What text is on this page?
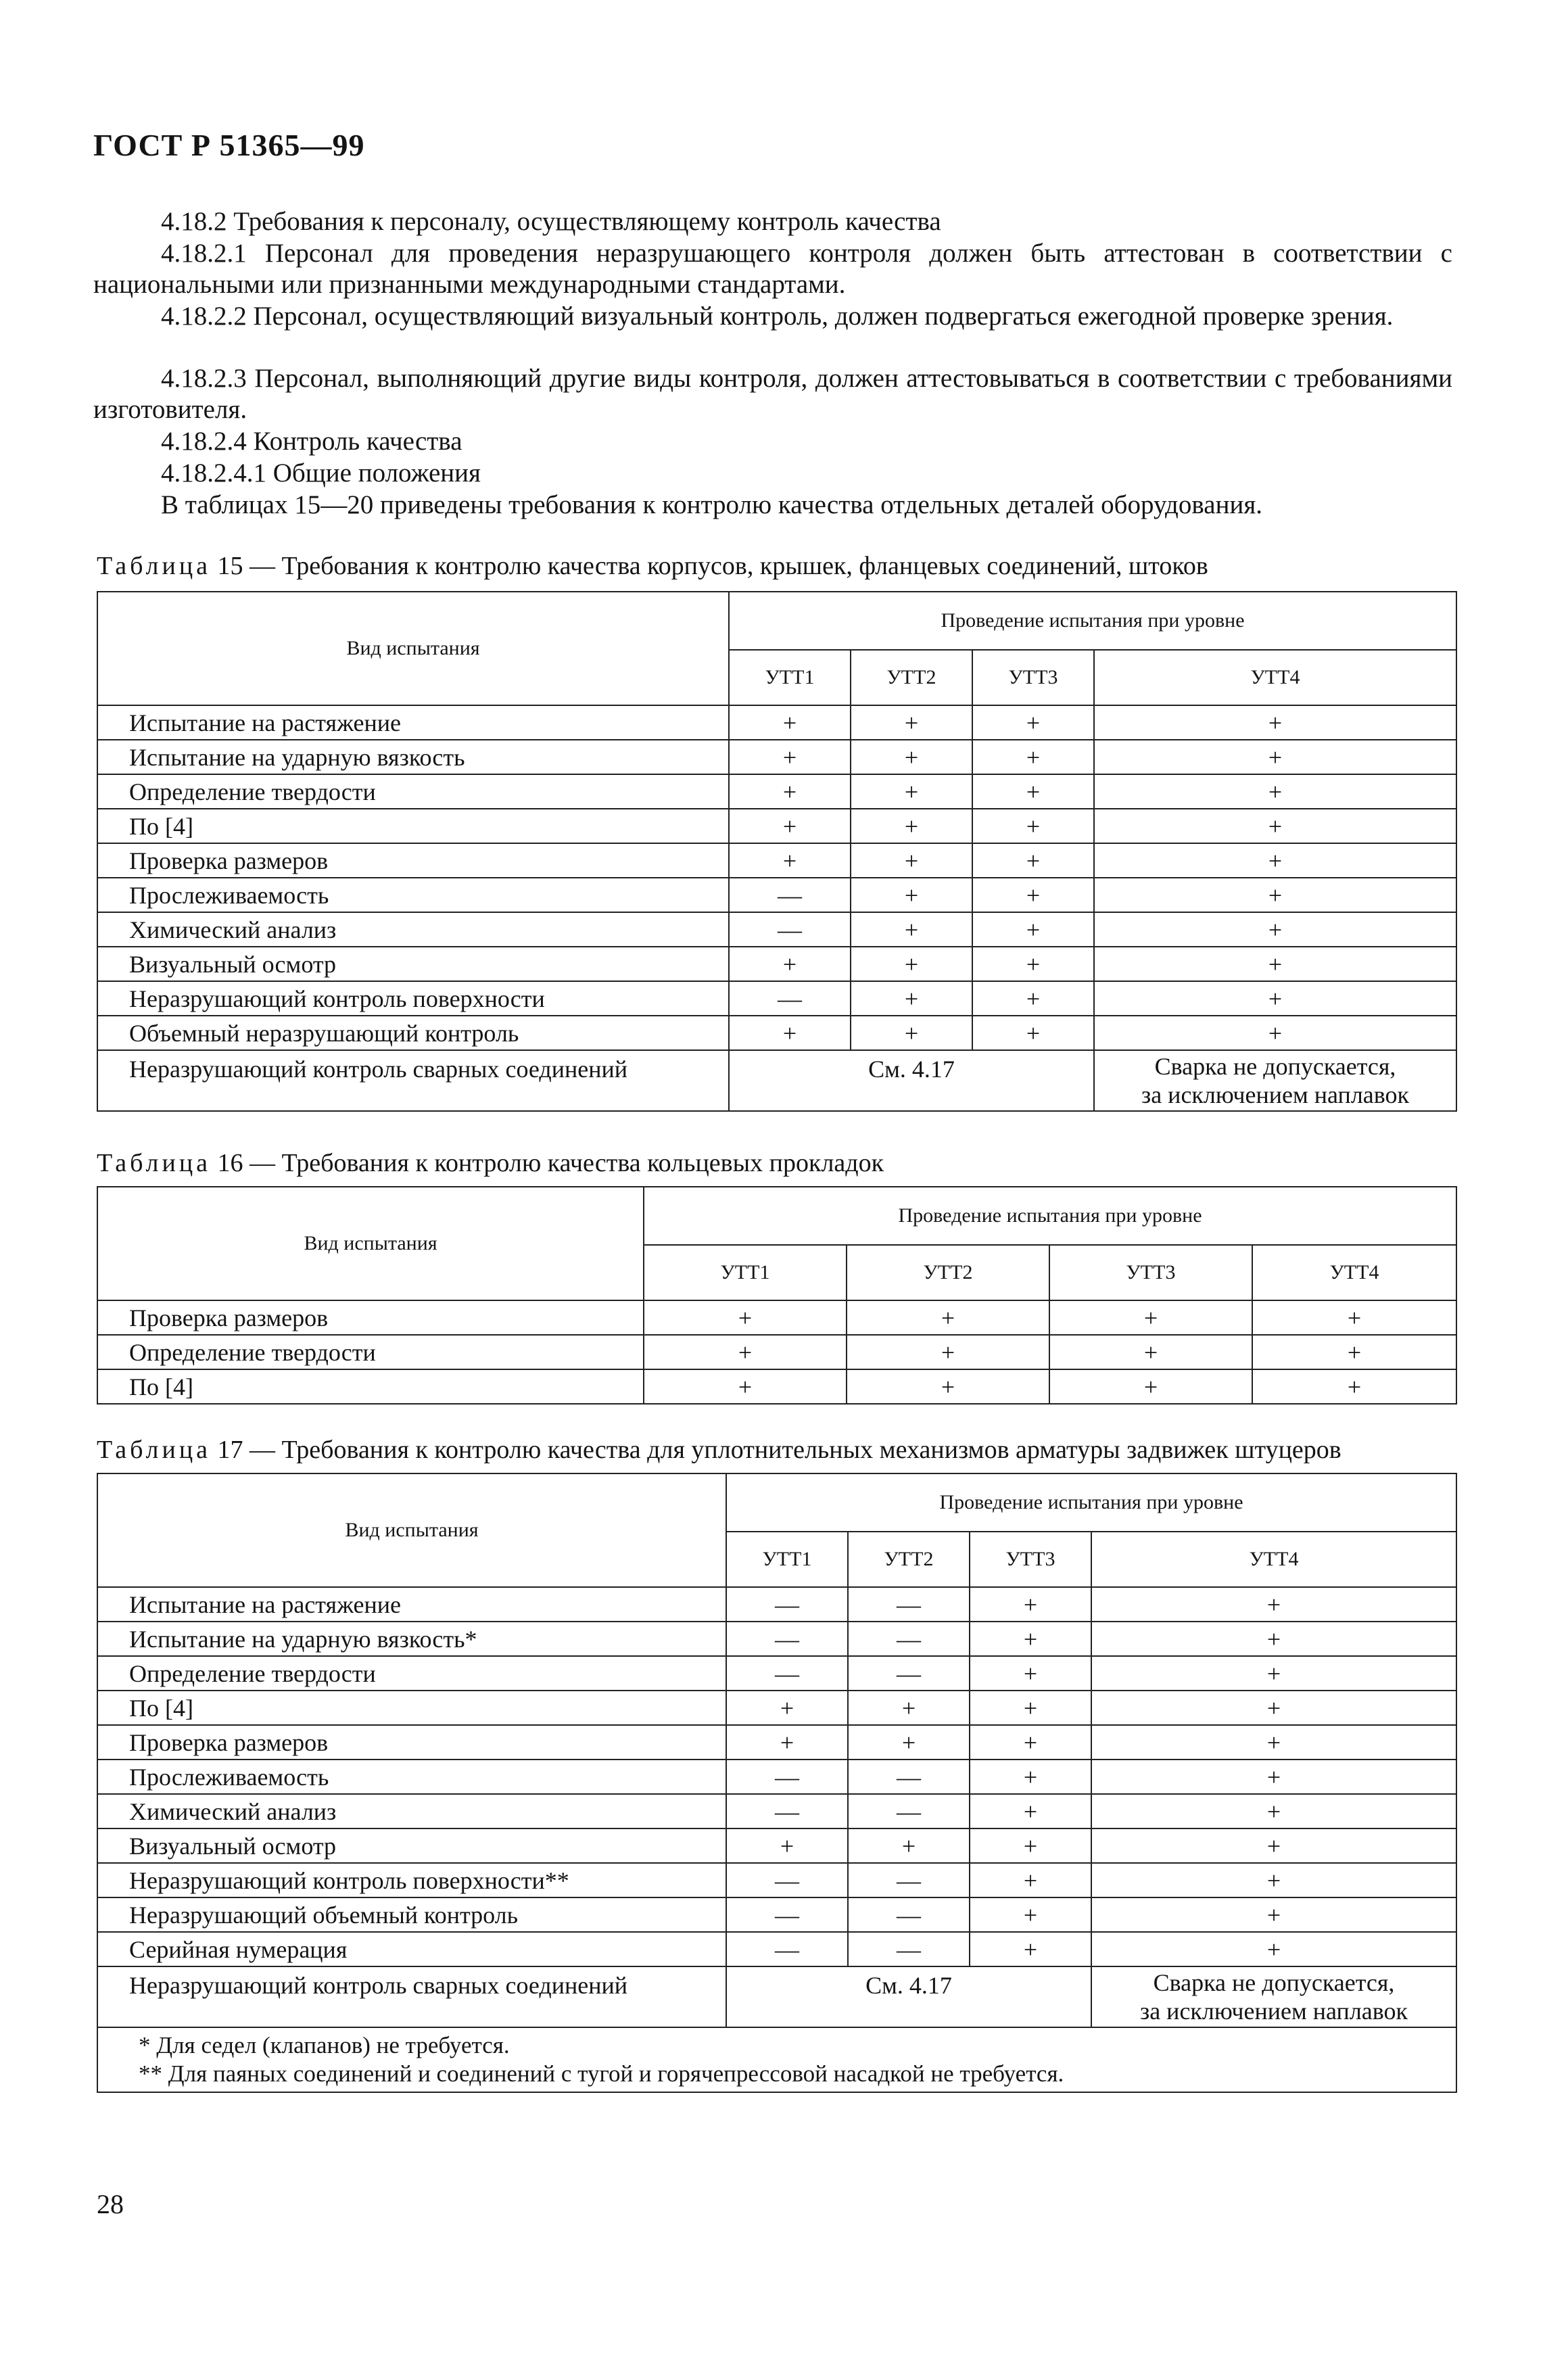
ГОСТ Р 51365—99

4.18.2 Требования к персоналу, осуществляющему контроль качества

4.18.2.1 Персонал для проведения неразрушающего контроля должен быть аттестован в соответствии с национальными или признанными международными стандартами.

4.18.2.2 Персонал, осуществляющий визуальный контроль, должен подвергаться ежегодной проверке зрения.

4.18.2.3 Персонал, выполняющий другие виды контроля, должен аттестовываться в соответствии с требованиями изготовителя.

4.18.2.4 Контроль качества

4.18.2.4.1 Общие положения

В таблицах 15—20 приведены требования к контролю качества отдельных деталей оборудования.

Таблица 15 — Требования к контролю качества корпусов, крышек, фланцевых соединений, штоков
Вид испытания	Проведение испытания при уровне			
	УТТ1	УТТ2	УТТ3	УТТ4
Испытание на растяжение	+	+	+	+
Испытание на ударную вязкость	+	+	+	+
Определение твердости	+	+	+	+
По [4]	+	+	+	+
Проверка размеров	+	+	+	+
Прослеживаемость	—	+	+	+
Химический анализ	—	+	+	+
Визуальный осмотр	+	+	+	+
Неразрушающий контроль поверхности	—	+	+	+
Объемный неразрушающий контроль	+	+	+	+
Неразрушающий контроль сварных соединений	См. 4.17			Сварка не допускается,
за исключением наплавок
Таблица 16 — Требования к контролю качества кольцевых прокладок
Вид испытания	Проведение испытания при уровне			
	УТТ1	УТТ2	УТТ3	УТТ4
Проверка размеров	+	+	+	+
Определение твердости	+	+	+	+
По [4]	+	+	+	+
Таблица 17 — Требования к контролю качества для уплотнительных механизмов арматуры задвижек штуцеров
Вид испытания	Проведение испытания при уровне			
	УТТ1	УТТ2	УТТ3	УТТ4
Испытание на растяжение	—	—	+	+
Испытание на ударную вязкость*	—	—	+	+
Определение твердости	—	—	+	+
По [4]	+	+	+	+
Проверка размеров	+	+	+	+
Прослеживаемость	—	—	+	+
Химический анализ	—	—	+	+
Визуальный осмотр	+	+	+	+
Неразрушающий контроль поверхности**	—	—	+	+
Неразрушающий объемный контроль	—	—	+	+
Серийная нумерация	—	—	+	+
Неразрушающий контроль сварных соединений	См. 4.17			Сварка не допускается,
за исключением наплавок
* Для седел (клапанов) не требуется.
** Для паяных соединений и соединений с тугой и горячепрессовой насадкой не требуется.				
28
